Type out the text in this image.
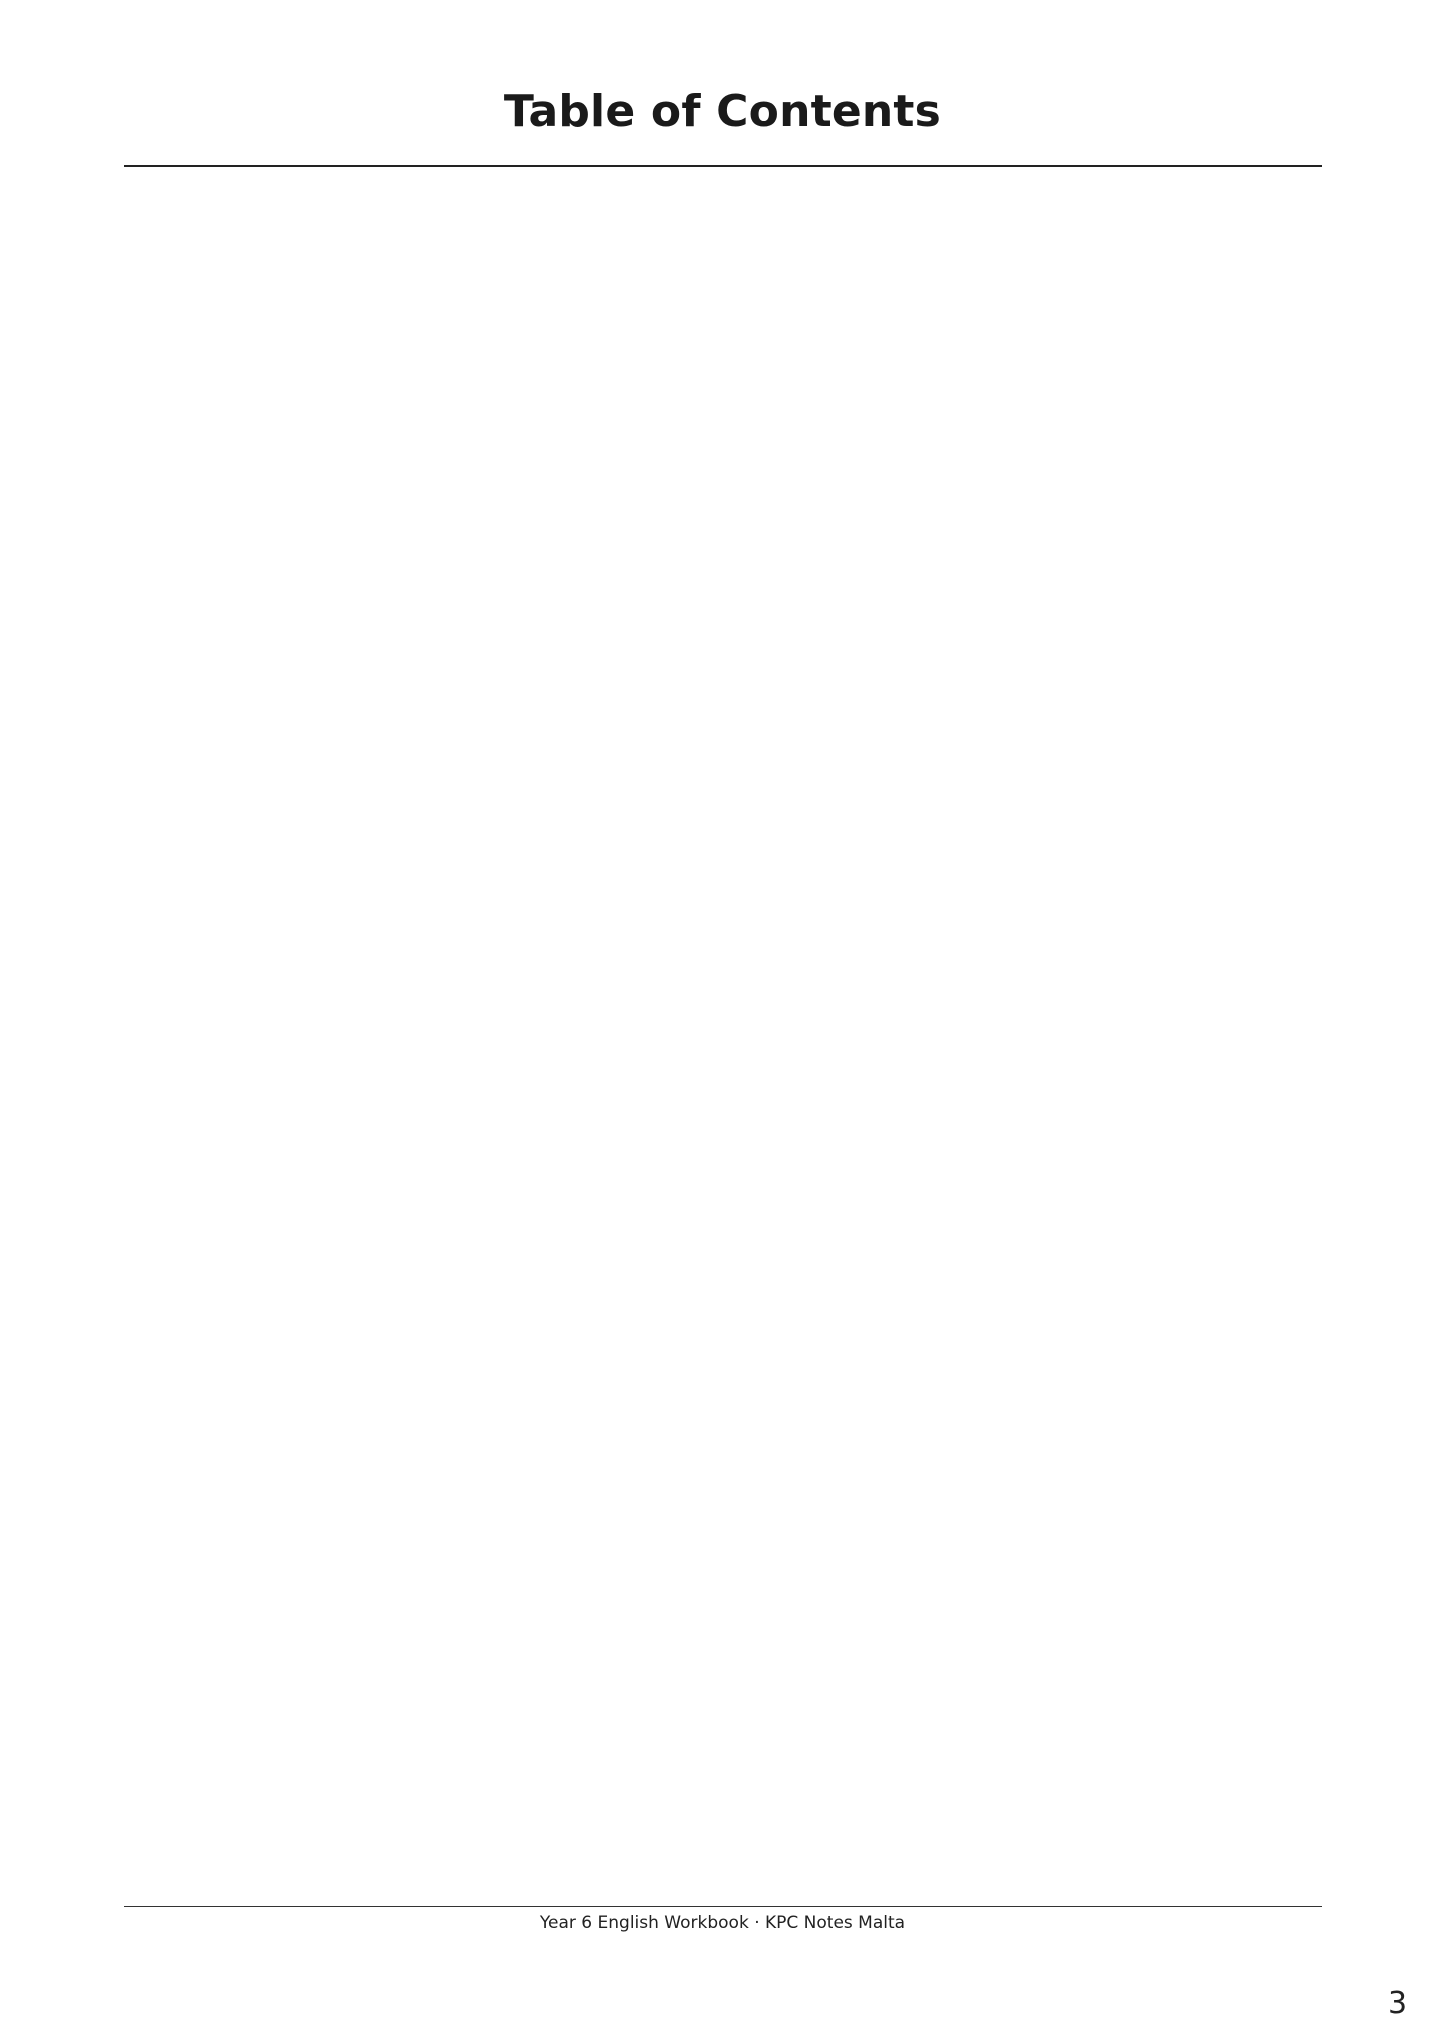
Table of Contents
Year 6 English Workbook · KPC Notes Malta
3
